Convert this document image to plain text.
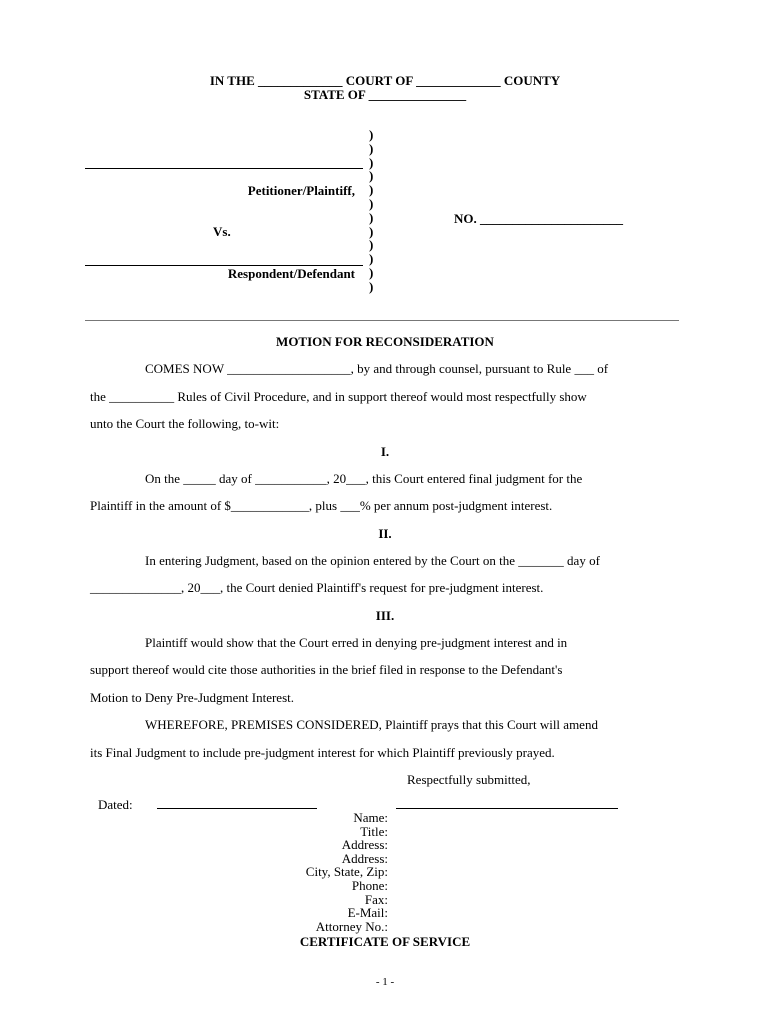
IN THE _____________ COURT OF _____________ COUNTY
STATE OF _______________
)
)
)
)
)
)
)
)
)
)
)
)
Petitioner/Plaintiff,
NO. ______________________
Vs.
Respondent/Defendant
MOTION FOR RECONSIDERATION
COMES NOW ___________________, by and through counsel, pursuant to Rule ___ of
the __________ Rules of Civil Procedure, and in support thereof would most respectfully show
unto the Court the following, to-wit:
I.
On the _____ day of ___________, 20___, this Court entered final judgment for the
Plaintiff in the amount of $____________, plus ___% per annum post-judgment interest.
II.
In entering Judgment, based on the opinion entered by the Court on the _______ day of
______________, 20___, the Court denied Plaintiff's request for pre-judgment interest.
III.
Plaintiff would show that the Court erred in denying pre-judgment interest and in
support thereof would cite those authorities in the brief filed in response to the Defendant's
Motion to Deny Pre-Judgment Interest.
WHEREFORE, PREMISES CONSIDERED, Plaintiff prays that this Court will amend
its Final Judgment to include pre-judgment interest for which Plaintiff previously prayed.
Respectfully submitted,
Dated:
Name:
Title:
Address:
Address:
City, State, Zip:
Phone:
Fax:
E-Mail:
Attorney No.:
CERTIFICATE OF SERVICE
- 1 -
